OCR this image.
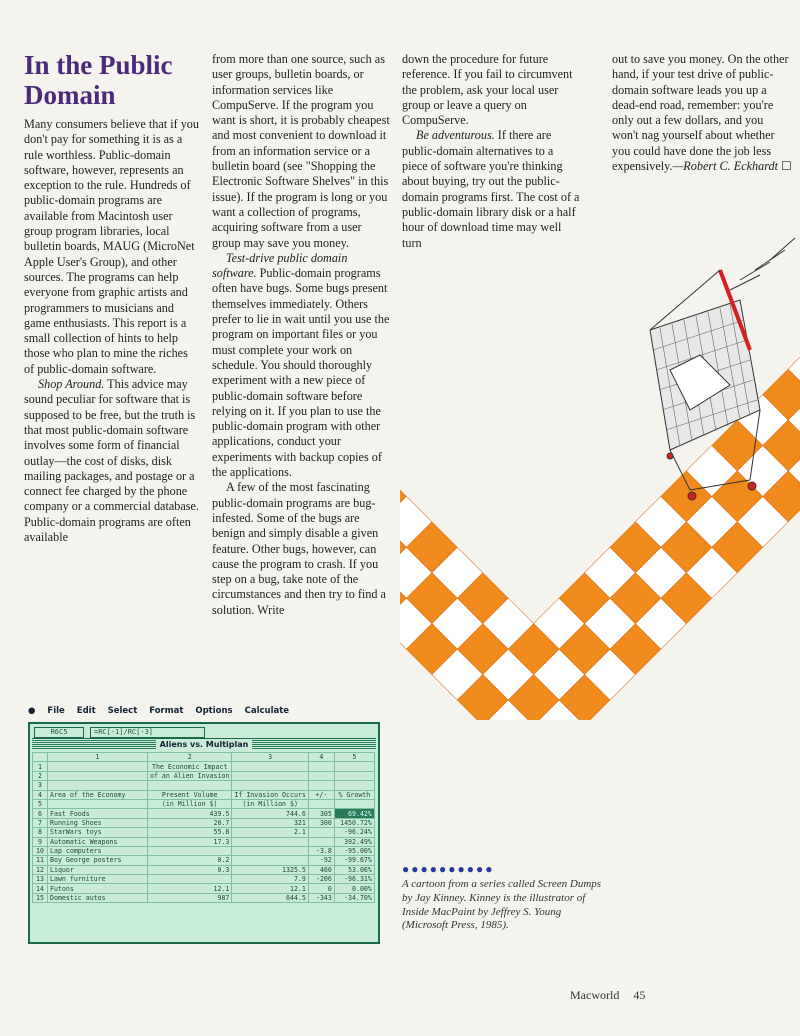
In the Public Domain

Many consumers believe that if you don't pay for something it is as a rule worthless. Public-domain software, however, represents an exception to the rule. Hundreds of public-domain programs are available from Macintosh user group program libraries, local bulletin boards, MAUG (MicroNet Apple User's Group), and other sources. The programs can help everyone from graphic artists and programmers to musicians and game enthusiasts. This report is a small collection of hints to help those who plan to mine the riches of public-domain software.

Shop Around. This advice may sound peculiar for software that is supposed to be free, but the truth is that most public-domain software involves some form of financial outlay—the cost of disks, disk mailing packages, and postage or a connect fee charged by the phone company or a commercial database. Public-domain programs are often available

from more than one source, such as user groups, bulletin boards, or information services like CompuServe. If the program you want is short, it is probably cheapest and most convenient to download it from an information service or a bulletin board (see "Shopping the Electronic Software Shelves" in this issue). If the program is long or you want a collection of programs, acquiring software from a user group may save you money.

Test-drive public domain software. Public-domain programs often have bugs. Some bugs present themselves immediately. Others prefer to lie in wait until you use the program on important files or you must complete your work on schedule. You should thoroughly experiment with a new piece of public-domain software before relying on it. If you plan to use the public-domain program with other applications, conduct your experiments with backup copies of the applications.

A few of the most fascinating public-domain programs are bug-infested. Some of the bugs are benign and simply disable a given feature. Other bugs, however, can cause the program to crash. If you step on a bug, take note of the circumstances and then try to find a solution. Write

down the procedure for future reference. If you fail to circumvent the problem, ask your local user group or leave a query on CompuServe.

Be adventurous. If there are public-domain alternatives to a piece of software you're thinking about buying, try out the public-domain programs first. The cost of a public-domain library disk or a half hour of download time may well turn

out to save you money. On the other hand, if your test drive of public-domain software leads you up a dead-end road, remember: you're only out a few dollars, and you won't nag yourself about whether you could have done the job less expensively.—Robert C. Eckhardt ☐

● File Edit Select Format Options Calculate
R6C5	=RC[-1]/RC[-3]
Aliens vs. Multiplan
	1	2	3	4	5
1		The Economic Impact			
2		of an Alien Invasion			
3					
4	Area of the Economy	Present Volume	If Invasion Occurs	+/-	% Growth
5		(in Million $)	(in Million $)		
6	Fast Foods	439.5	744.6	305	69.42%
7	Running Shoes	20.7	321	300	1450.72%
8	StarWars toys	55.8	2.1		-96.24%
9	Automatic Weapons	17.3			392.49%
10	Lap computers			-3.8	-95.00%
11	Boy George posters	0.2		-92	-99.67%
12	Liquor	0.3	1325.5	460	53.06%
13	Lawn furniture		7.9	-206	-96.31%
14	Futons	12.1	12.1	0	0.00%
15	Domestic autos	987	644.5	-343	-34.70%
●●●●●●●●●●
A cartoon from a series called Screen Dumps by Jay Kinney. Kinney is the illustrator of Inside MacPaint by Jeffrey S. Young (Microsoft Press, 1985).
Macworld 45
